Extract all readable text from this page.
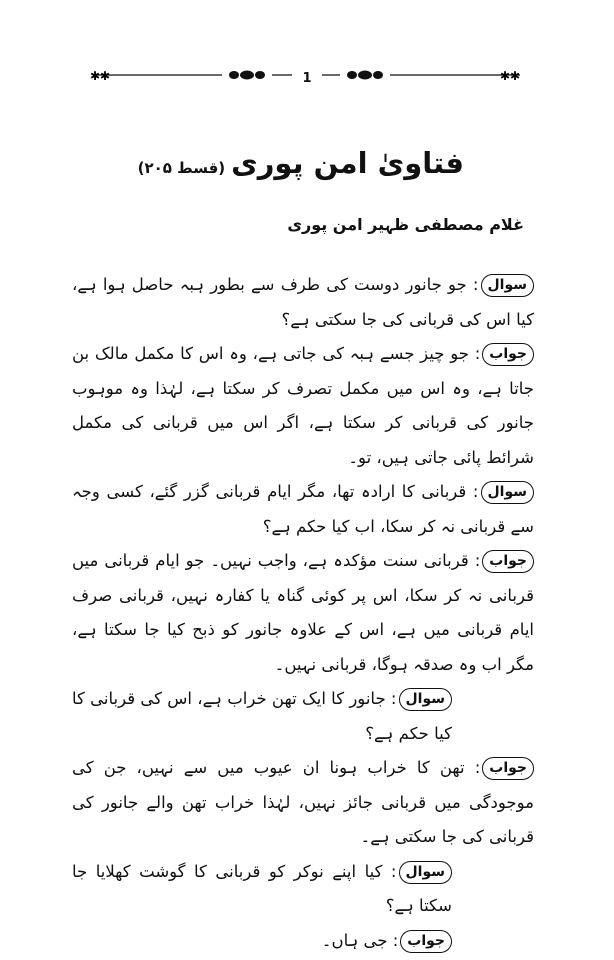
✱✱	✱✱
1
فتاویٰ امن پوری
(قسط ۲۰۵)
غلام مصطفی ظہیر امن پوری

سوال: جو جانور دوست کی طرف سے بطور ہبہ حاصل ہوا ہے، کیا اس کی قربانی کی جا سکتی ہے؟

جواب: جو چیز جسے ہبہ کی جاتی ہے، وہ اس کا مکمل مالک بن جاتا ہے، وہ اس میں مکمل تصرف کر سکتا ہے، لہٰذا وہ موہوب جانور کی قربانی کر سکتا ہے، اگر اس میں قربانی کی مکمل شرائط پائی جاتی ہیں، تو۔

سوال: قربانی کا ارادہ تھا، مگر ایام قربانی گزر گئے، کسی وجہ سے قربانی نہ کر سکا، اب کیا حکم ہے؟

جواب: قربانی سنت مؤکدہ ہے، واجب نہیں۔ جو ایام قربانی میں قربانی نہ کر سکا، اس پر کوئی گناہ یا کفارہ نہیں، قربانی صرف ایام قربانی میں ہے، اس کے علاوہ جانور کو ذبح کیا جا سکتا ہے، مگر اب وہ صدقہ ہوگا، قربانی نہیں۔

سوال: جانور کا ایک تھن خراب ہے، اس کی قربانی کا کیا حکم ہے؟

جواب: تھن کا خراب ہونا ان عیوب میں سے نہیں، جن کی موجودگی میں قربانی جائز نہیں، لہٰذا خراب تھن والے جانور کی قربانی کی جا سکتی ہے۔

سوال: کیا اپنے نوکر کو قربانی کا گوشت کھلایا جا سکتا ہے؟

جواب: جی ہاں۔
